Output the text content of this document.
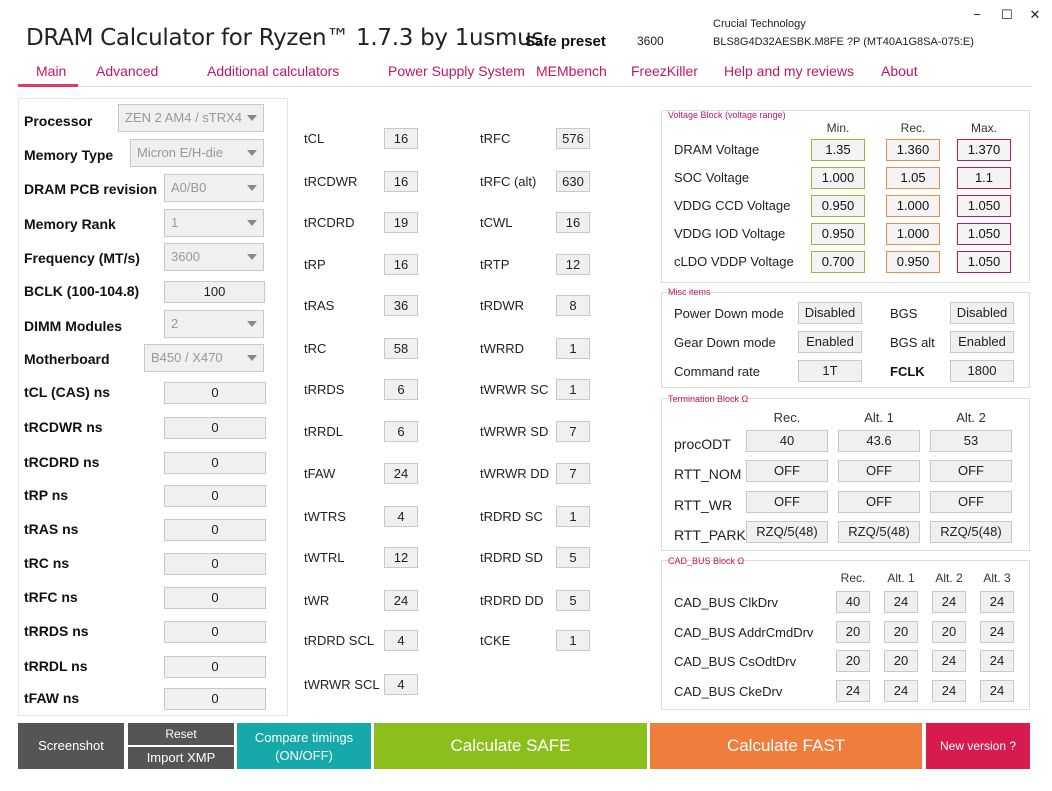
DRAM Calculator for Ryzen™ 1.7.3 by 1usmus
Safe preset	3600
Crucial Technology
BLS8G4D32AESBK.M8FE ?P (MT40A1G8SA-075:E)
−	☐ ✕
Main Advanced	Additional calculators	Power Supply System MEMbench FreezKiller Help and my reviews About
Processor	ZEN 2 AM4 / sTRX4
Memory Type	Micron E/H-die
DRAM PCB revision	A0/B0
Memory Rank	1
Frequency (MT/s)	3600
BCLK (100-104.8)	100
DIMM Modules	2
Motherboard	B450 / X470
tCL (CAS) ns	0
tRCDWR ns	0
tRCDRD ns	0
tRP ns	0
tRAS ns	0
tRC ns	0
tRFC ns	0
tRRDS ns	0
tRRDL ns	0
tFAW ns	0
tCL	16
tRCDWR	16
tRCDRD	19
tRP	16
tRAS	36
tRC	58
tRRDS	6
tRRDL	6
tFAW	24
tWTRS	4
tWTRL	12
tWR	24
tRDRD SCL	4
tWRWR SCL	4
tRFC	576
tRFC (alt)	630
tCWL	16
tRTP	12
tRDWR	8
tWRRD	1
tWRWR SC	1
tWRWR SD	7
tWRWR DD	7
tRDRD SC	1
tRDRD SD	5
tRDRD DD	5
tCKE	1
Voltage Block (voltage range)
Min.	Rec.	Max.
DRAM Voltage	1.35	1.360	1.370
SOC Voltage	1.000	1.05	1.1
VDDG CCD Voltage	0.950	1.000	1.050
VDDG IOD Voltage	0.950	1.000	1.050
cLDO VDDP Voltage	0.700	0.950	1.050
Misc items
Power Down mode	Disabled
Gear Down mode	Enabled
Command rate	1T
BGS	Disabled
BGS alt	Enabled
FCLK	1800
Termination Block Ω
Rec.	Alt. 1	Alt. 2
procODT	40	43.6	53
RTT_NOM	OFF	OFF	OFF
RTT_WR	OFF	OFF	OFF
RTT_PARK RZQ/5(48)	RZQ/5(48)	RZQ/5(48)
CAD_BUS Block Ω
Rec.	Alt. 1 Alt. 2 Alt. 3
CAD_BUS ClkDrv	40	24	24	24
CAD_BUS AddrCmdDrv	20	20	20	24
CAD_BUS CsOdtDrv	20	20	24	24
CAD_BUS CkeDrv	24	24	24	24
Screenshot
Reset
Import XMP
Compare timings
(ON/OFF)
Calculate SAFE	Calculate FAST	New version ?
